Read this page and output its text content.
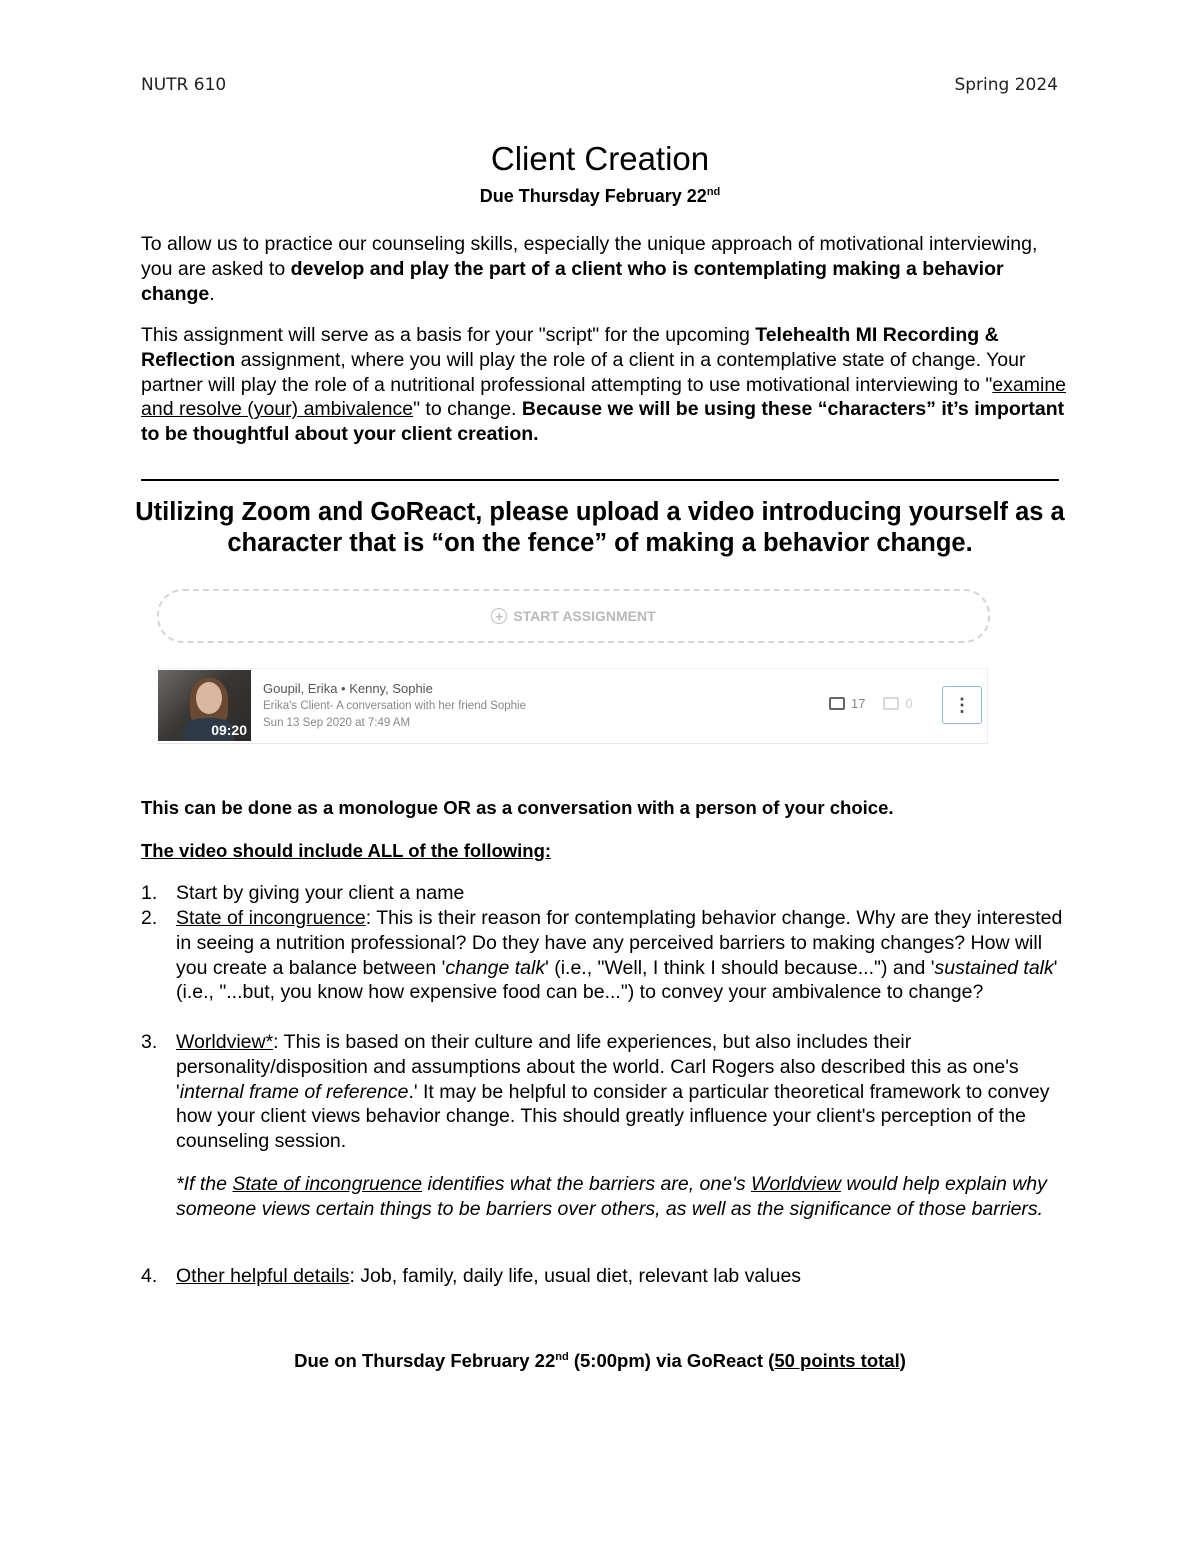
NUTR 610	Spring 2024
Client Creation
Due Thursday February 22nd
To allow us to practice our counseling skills, especially the unique approach of motivational interviewing, you are asked to develop and play the part of a client who is contemplating making a behavior change.
This assignment will serve as a basis for your "script" for the upcoming Telehealth MI Recording & Reflection assignment, where you will play the role of a client in a contemplative state of change. Your partner will play the role of a nutritional professional attempting to use motivational interviewing to "examine and resolve (your) ambivalence" to change. Because we will be using these “characters” it’s important to be thoughtful about your client creation.
Utilizing Zoom and GoReact, please upload a video introducing yourself as a character that is “on the fence” of making a behavior change.
+ START ASSIGNMENT
09:20
Goupil, Erika • Kenny, Sophie
Erika's Client- A conversation with her friend Sophie
Sun 13 Sep 2020 at 7:49 AM
17	0	⋮
This can be done as a monologue OR as a conversation with a person of your choice.
The video should include ALL of the following:
1. Start by giving your client a name
2. State of incongruence: This is their reason for contemplating behavior change. Why are they interested in seeing a nutrition professional? Do they have any perceived barriers to making changes? How will you create a balance between 'change talk' (i.e., "Well, I think I should because...") and 'sustained talk' (i.e., "...but, you know how expensive food can be...") to convey your ambivalence to change?
3. Worldview*: This is based on their culture and life experiences, but also includes their personality/disposition and assumptions about the world. Carl Rogers also described this as one's 'internal frame of reference.' It may be helpful to consider a particular theoretical framework to convey how your client views behavior change. This should greatly influence your client's perception of the counseling session.
*If the State of incongruence identifies what the barriers are, one's Worldview would help explain why someone views certain things to be barriers over others, as well as the significance of those barriers.
4. Other helpful details: Job, family, daily life, usual diet, relevant lab values
Due on Thursday February 22nd (5:00pm) via GoReact (50 points total)
